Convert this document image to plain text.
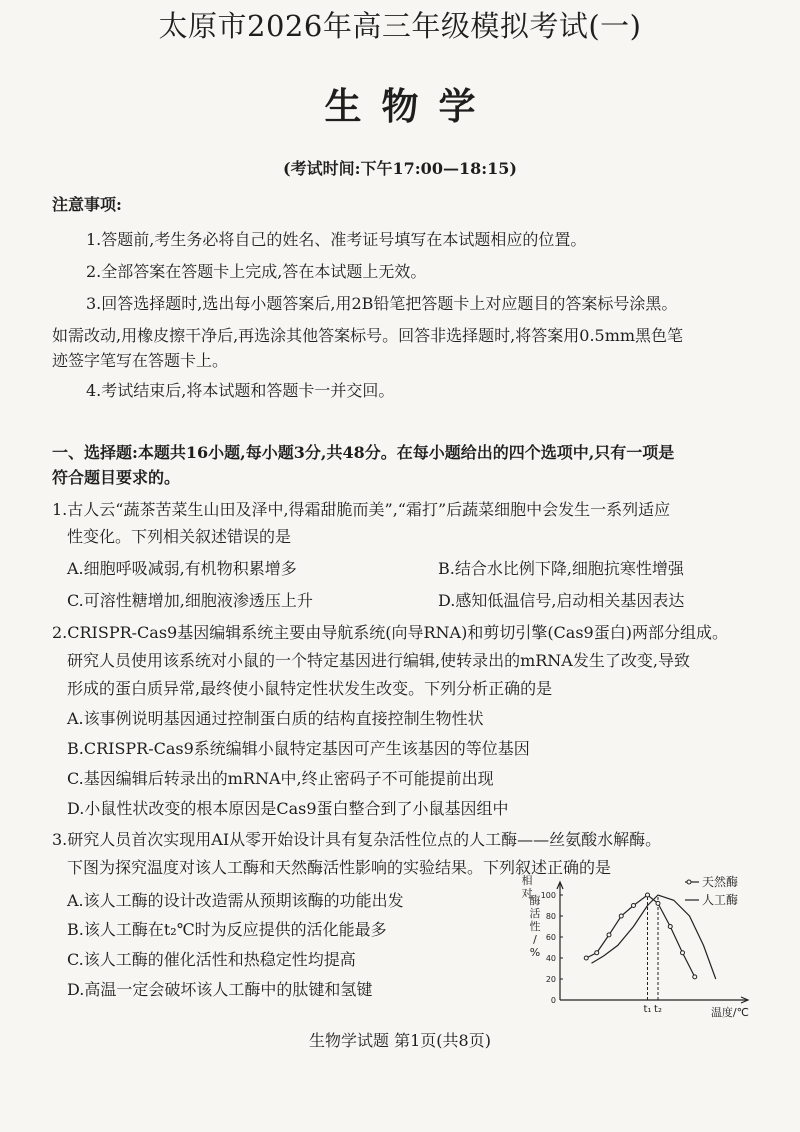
太原市2026年高三年级模拟考试(一)
生物学
(考试时间:下午17:00—18:15)
注意事项:
1.答题前,考生务必将自己的姓名、准考证号填写在本试题相应的位置。
2.全部答案在答题卡上完成,答在本试题上无效。
3.回答选择题时,选出每小题答案后,用2B铅笔把答题卡上对应题目的答案标号涂黑。
如需改动,用橡皮擦干净后,再选涂其他答案标号。回答非选择题时,将答案用0.5mm黑色笔
迹签字笔写在答题卡上。
4.考试结束后,将本试题和答题卡一并交回。
一、选择题:本题共16小题,每小题3分,共48分。在每小题给出的四个选项中,只有一项是
符合题目要求的。
1.古人云“蔬茶苦菜生山田及泽中,得霜甜脆而美”,“霜打”后蔬菜细胞中会发生一系列适应
性变化。下列相关叙述错误的是
A.细胞呼吸减弱,有机物积累增多	B.结合水比例下降,细胞抗寒性增强
C.可溶性糖增加,细胞液渗透压上升	D.感知低温信号,启动相关基因表达
2.CRISPR-Cas9基因编辑系统主要由导航系统(向导RNA)和剪切引擎(Cas9蛋白)两部分组成。
研究人员使用该系统对小鼠的一个特定基因进行编辑,使转录出的mRNA发生了改变,导致
形成的蛋白质异常,最终使小鼠特定性状发生改变。下列分析正确的是
A.该事例说明基因通过控制蛋白质的结构直接控制生物性状
B.CRISPR-Cas9系统编辑小鼠特定基因可产生该基因的等位基因
C.基因编辑后转录出的mRNA中,终止密码子不可能提前出现
D.小鼠性状改变的根本原因是Cas9蛋白整合到了小鼠基因组中
3.研究人员首次实现用AI从零开始设计具有复杂活性位点的人工酶——丝氨酸水解酶。
下图为探究温度对该人工酶和天然酶活性影响的实验结果。下列叙述正确的是
A.该人工酶的设计改造需从预期该酶的功能出发
B.该人工酶在t₂℃时为反应提供的活化能最多
C.该人工酶的催化活性和热稳定性均提高
D.高温一定会破坏该人工酶中的肽键和氢键
0
20
40
60
80
100
相
对
酶
活
性
/
%
温度/℃
t₁ t₂
天然酶
人工酶
生物学试题 第1页(共8页)
